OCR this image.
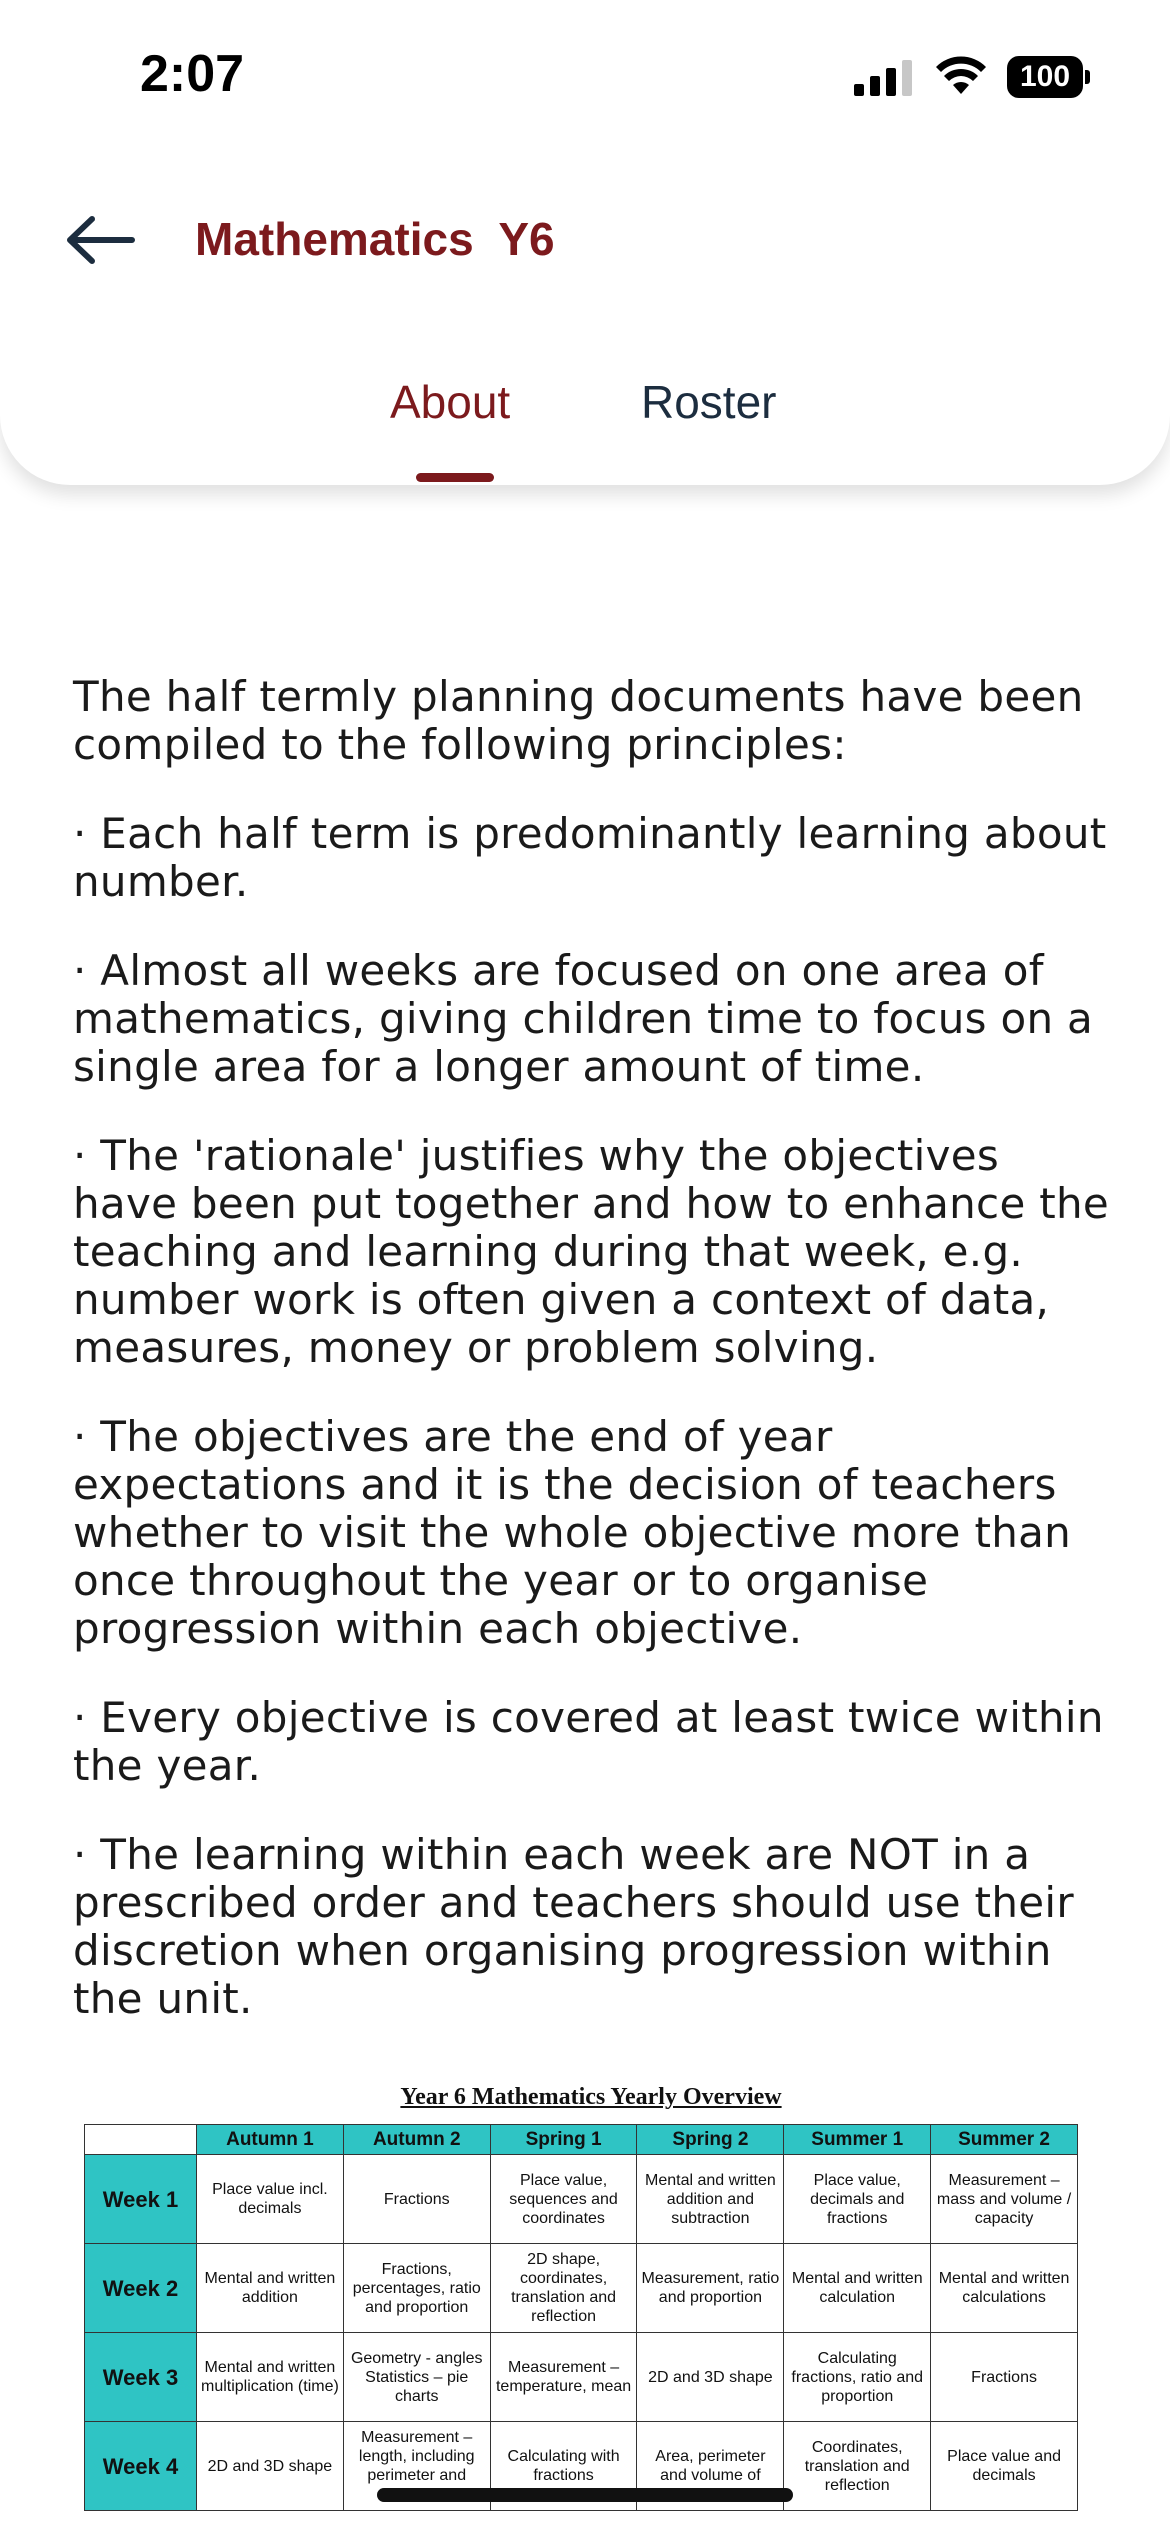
2:07	100
Mathematics  Y6
About	Roster

The half termly planning documents have been compiled to the following principles:

· Each half term is predominantly learning about number.

· Almost all weeks are focused on one area of mathematics, giving children time to focus on a single area for a longer amount of time.

· The 'rationale' justifies why the objectives have been put together and how to enhance the teaching and learning during that week, e.g. number work is often given a context of data, measures, money or problem solving.

· The objectives are the end of year expectations and it is the decision of teachers whether to visit the whole objective more than once throughout the year or to organise progression within each objective.

· Every objective is covered at least twice within the year.

· The learning within each week are NOT in a prescribed order and teachers should use their discretion when organising progression within the unit.

Year 6 Mathematics Yearly Overview
	Autumn 1	Autumn 2	Spring 1	Spring 2	Summer 1	Summer 2
Week 1	Place value incl. decimals	Fractions	Place value, sequences and coordinates	Mental and written addition and subtraction	Place value, decimals and fractions	Measurement – mass and volume / capacity
Week 2	Mental and written addition	Fractions, percentages, ratio and proportion	2D shape, coordinates, translation and reflection	Measurement, ratio and proportion	Mental and written calculation	Mental and written calculations
Week 3	Mental and written multiplication (time)	Geometry - angles Statistics – pie charts	Measurement – temperature, mean	2D and 3D shape	Calculating fractions, ratio and proportion	Fractions
Week 4	2D and 3D shape	Measurement – length, including perimeter and	Calculating with fractions	Area, perimeter and volume of	Coordinates, translation and reflection	Place value and decimals
